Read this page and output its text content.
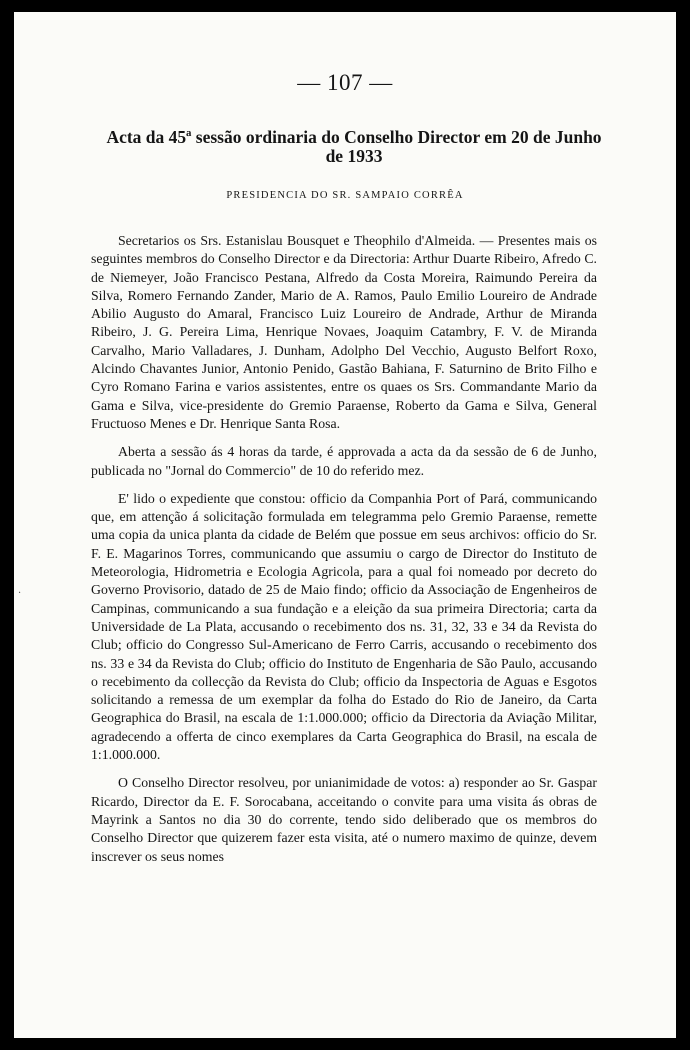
— 107 —
Acta da 45ª sessão ordinaria do Conselho Director em 20 de Junho de 1933
PRESIDENCIA DO SR. SAMPAIO CORRÊA

Secretarios os Srs. Estanislau Bousquet e Theophilo d'Almeida. — Presentes mais os seguintes membros do Conselho Director e da Directoria: Arthur Duarte Ribeiro, Afredo C. de Niemeyer, João Francisco Pestana, Alfredo da Costa Moreira, Raimundo Pereira da Silva, Romero Fernando Zander, Mario de A. Ramos, Paulo Emilio Loureiro de Andrade Abilio Augusto do Amaral, Francisco Luiz Loureiro de Andrade, Arthur de Miranda Ribeiro, J. G. Pereira Lima, Henrique Novaes, Joaquim Catambry, F. V. de Miranda Carvalho, Mario Valladares, J. Dunham, Adolpho Del Vecchio, Augusto Belfort Roxo, Alcindo Chavantes Junior, Antonio Penido, Gastão Bahiana, F. Saturnino de Brito Filho e Cyro Romano Farina e varios assistentes, entre os quaes os Srs. Commandante Mario da Gama e Silva, vice-presidente do Gremio Paraense, Roberto da Gama e Silva, General Fructuoso Menes e Dr. Henrique Santa Rosa.

Aberta a sessão ás 4 horas da tarde, é approvada a acta da da sessão de 6 de Junho, publicada no "Jornal do Commercio" de 10 do referido mez.

E' lido o expediente que constou: officio da Companhia Port of Pará, communicando que, em attenção á solicitação formulada em telegramma pelo Gremio Paraense, remette uma copia da unica planta da cidade de Belém que possue em seus archivos: officio do Sr. F. E. Magarinos Torres, communicando que assumiu o cargo de Director do Instituto de Meteorologia, Hidrometria e Ecologia Agricola, para a qual foi nomeado por decreto do Governo Provisorio, datado de 25 de Maio findo; officio da Associação de Engenheiros de Campinas, communicando a sua fundação e a eleição da sua primeira Directoria; carta da Universidade de La Plata, accusando o recebimento dos ns. 31, 32, 33 e 34 da Revista do Club; officio do Congresso Sul-Americano de Ferro Carris, accusando o recebimento dos ns. 33 e 34 da Revista do Club; officio do Instituto de Engenharia de São Paulo, accusando o recebimento da collecção da Revista do Club; officio da Inspectoria de Aguas e Esgotos solicitando a remessa de um exemplar da folha do Estado do Rio de Janeiro, da Carta Geographica do Brasil, na escala de 1:1.000.000; officio da Directoria da Aviação Militar, agradecendo a offerta de cinco exemplares da Carta Geographica do Brasil, na escala de 1:1.000.000.

O Conselho Director resolveu, por unianimidade de votos: a) responder ao Sr. Gaspar Ricardo, Director da E. F. Sorocabana, acceitando o convite para uma visita ás obras de Mayrink a Santos no dia 30 do corrente, tendo sido deliberado que os membros do Conselho Director que quizerem fazer esta visita, até o numero maximo de quinze, devem inscrever os seus nomes

·
